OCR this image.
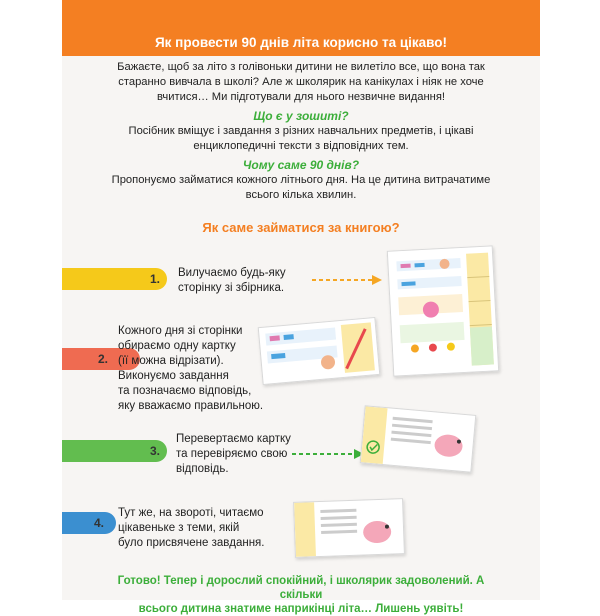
Як провести 90 днів літа корисно та цікаво!

Бажаєте, щоб за літо з голівоньки дитини не вилетіло все, що вона так

старанно вивчала в школі? Але ж школярик на канікулах і ніяк не хоче

вчитися… Ми підготували для нього незвичне видання!

Що є у зошиті?

Посібник вміщує і завдання з різних навчальних предметів, і цікаві

енциклопедичні тексти з відповідних тем.

Чому саме 90 днів?

Пропонуємо займатися кожного літнього дня. На це дитина витрачатиме

всього кілька хвилин.

Як саме займатися за книгою?
1. Вилучаємо будь-яку
сторінку зі збірника.
2.
Кожного дня зі сторінки
обираємо одну картку
(її можна відрізати).
Виконуємо завдання
та позначаємо відповідь,
яку вважаємо правильною.
3.
Перевертаємо картку
та перевіряємо свою
відповідь.
4.
Тут же, на звороті, читаємо
цікавеньке з теми, якій
було присвячене завдання.
Готово! Тепер і дорослий спокійний, і школярик задоволений. А скільки
всього дитина знатиме наприкінці літа… Лишень уявіть!
